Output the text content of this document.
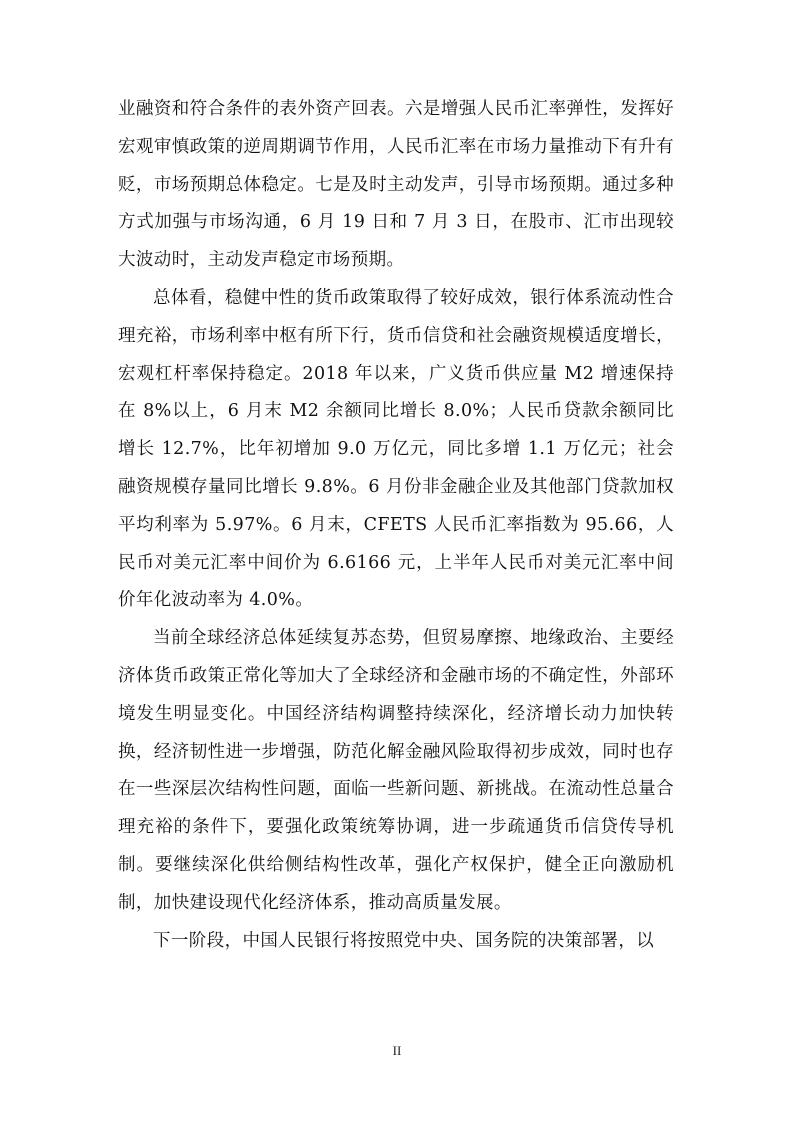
业融资和符合条件的表外资产回表。六是增强人民币汇率弹性，发挥好宏观审慎政策的逆周期调节作用，人民币汇率在市场力量推动下有升有贬，市场预期总体稳定。七是及时主动发声，引导市场预期。通过多种方式加强与市场沟通，6 月 19 日和 7 月 3 日，在股市、汇市出现较大波动时，主动发声稳定市场预期。

总体看，稳健中性的货币政策取得了较好成效，银行体系流动性合理充裕，市场利率中枢有所下行，货币信贷和社会融资规模适度增长，宏观杠杆率保持稳定。2018 年以来，广义货币供应量 M2 增速保持在 8%以上，6 月末 M2 余额同比增长 8.0%；人民币贷款余额同比增长 12.7%，比年初增加 9.0 万亿元，同比多增 1.1 万亿元；社会融资规模存量同比增长 9.8%。6 月份非金融企业及其他部门贷款加权平均利率为 5.97%。6 月末，CFETS 人民币汇率指数为 95.66，人民币对美元汇率中间价为 6.6166 元，上半年人民币对美元汇率中间价年化波动率为 4.0%。

当前全球经济总体延续复苏态势，但贸易摩擦、地缘政治、主要经济体货币政策正常化等加大了全球经济和金融市场的不确定性，外部环境发生明显变化。中国经济结构调整持续深化，经济增长动力加快转换，经济韧性进一步增强，防范化解金融风险取得初步成效，同时也存在一些深层次结构性问题，面临一些新问题、新挑战。在流动性总量合理充裕的条件下，要强化政策统筹协调，进一步疏通货币信贷传导机制。要继续深化供给侧结构性改革，强化产权保护，健全正向激励机制，加快建设现代化经济体系，推动高质量发展。

下一阶段，中国人民银行将按照党中央、国务院的决策部署，以

II
